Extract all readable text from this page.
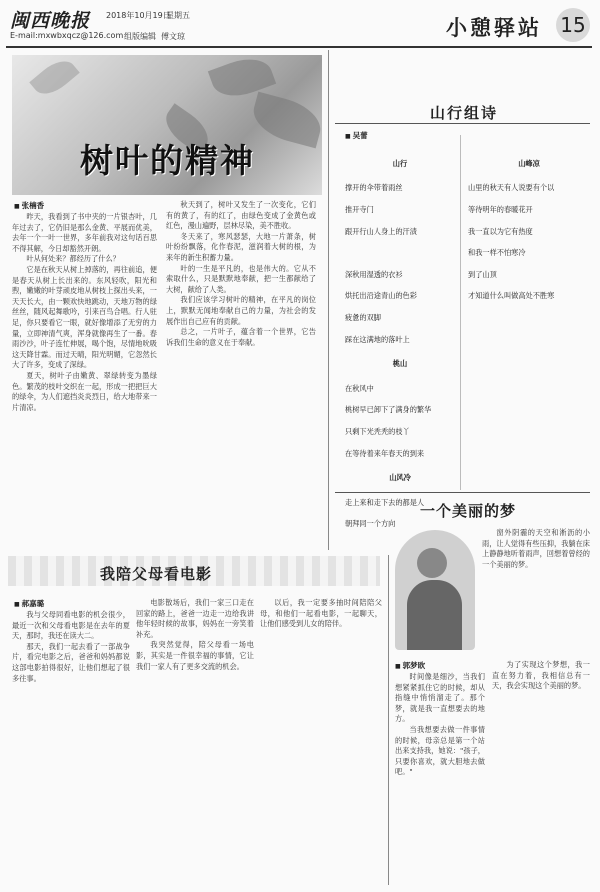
闽西晚报 2018年10月19日
星期五
E-mail:mxwbxqcz@126.com 组版编辑 傅文琼	小憩驿站 15
树叶的精神
■ 张楠香

昨天，我看到了书中夹的一片银杏叶，几年过去了，它仍旧是那么金黄、平展而优美，去年一个一叶一世界，多年前我对这句话百思不得其解，今日却豁然开朗。

叶从何处来？都经历了什么？

它是在秋天从树上掉落的，再往前追，便是春天从树上长出来的。东风轻吹，阳光和煦，嫩嫩的叶芽顽皮地从树枝上探出头来，一天天长大，由一颗欢快地跳动，天地万物的绿丝丝，随风起舞歌吟，引来百鸟合唱。行人驻足，你只要看它一眼，就好像增添了无穷的力量，立即神清气爽，浑身就像再生了一番。春雨沙沙，叶子连忙伸展，喝个饱，尽情地吮吸这天降甘霖。而过天晴，阳光明媚，它忽然长大了许多，变成了深绿。

夏天，树叶子由嫩黄、翠绿转变为墨绿色。繁茂的枝叶交织在一起，形成一把把巨大的绿伞，为人们遮挡炎炎烈日，给大地带来一片清凉。

秋天到了，树叶又发生了一次变化，它们有的黄了，有的红了，由绿色变成了金黄色或红色，漫山遍野，层林尽染，美不胜收。

冬天来了，寒风瑟瑟，大地一片萧条，树叶纷纷飘落，化作春泥，滋润着大树的根，为来年的新生积蓄力量。

叶的一生是平凡的，也是伟大的。它从不索取什么，只是默默地奉献，把一生都献给了大树，献给了人类。

我们应该学习树叶的精神，在平凡的岗位上，默默无闻地奉献自己的力量，为社会的发展作出自己应有的贡献。

总之，一片叶子，蕴含着一个世界，它告诉我们生命的意义在于奉献。

山行组诗
■ 吴蕾

山行

撑开的伞带着雨丝

推开寺门

跟开行山人身上的汗渍

深秋用湿透的衣衫

烘托出沿途青山的色彩

疲惫的双脚

踩在这满地的落叶上

桃山

在秋风中

桃树早已卸下了满身的繁华

只剩下光秃秃的枝丫

在等待着来年春天的到来

山风冷

走上来和走下去的都是人

朝拜同一个方向

山峰凉

山里的秋天有人说要有个以

等待明年的春暖花开

我一直以为它有热度

和我一样不怕寒冷

到了山顶

才知道什么叫做高处不胜寒

一个美丽的梦

窗外阴霾的天空和淅沥的小雨，让人觉得有些压抑，我躺在床上静静地听着雨声，回想着曾经的一个美丽的梦。

■ 郭梦欧

时间像是细沙，当我们想紧紧抓住它的时候，却从指缝中悄悄溜走了。那个梦，就是我一直想要去的地方。

当我想要去做一件事情的时候，母亲总是第一个站出来支持我，她说："孩子，只要你喜欢，就大胆地去做吧。"

为了实现这个梦想，我一直在努力着，我相信总有一天，我会实现这个美丽的梦。

我陪父母看电影
■ 郝嘉璐

我与父母同看电影的机会很少，最近一次和父母看电影是在去年的夏天，那时，我还在读大二。

那天，我们一起去看了一部战争片，看完电影之后，爸爸和妈妈都说这部电影拍得很好，让他们想起了很多往事。

电影散场后，我们一家三口走在回家的路上，爸爸一边走一边给我讲他年轻时候的故事，妈妈在一旁笑着补充。

我突然觉得，陪父母看一场电影，其实是一件很幸福的事情，它让我们一家人有了更多交流的机会。

以后，我一定要多抽时间陪陪父母，和他们一起看电影，一起聊天，让他们感受到儿女的陪伴。
